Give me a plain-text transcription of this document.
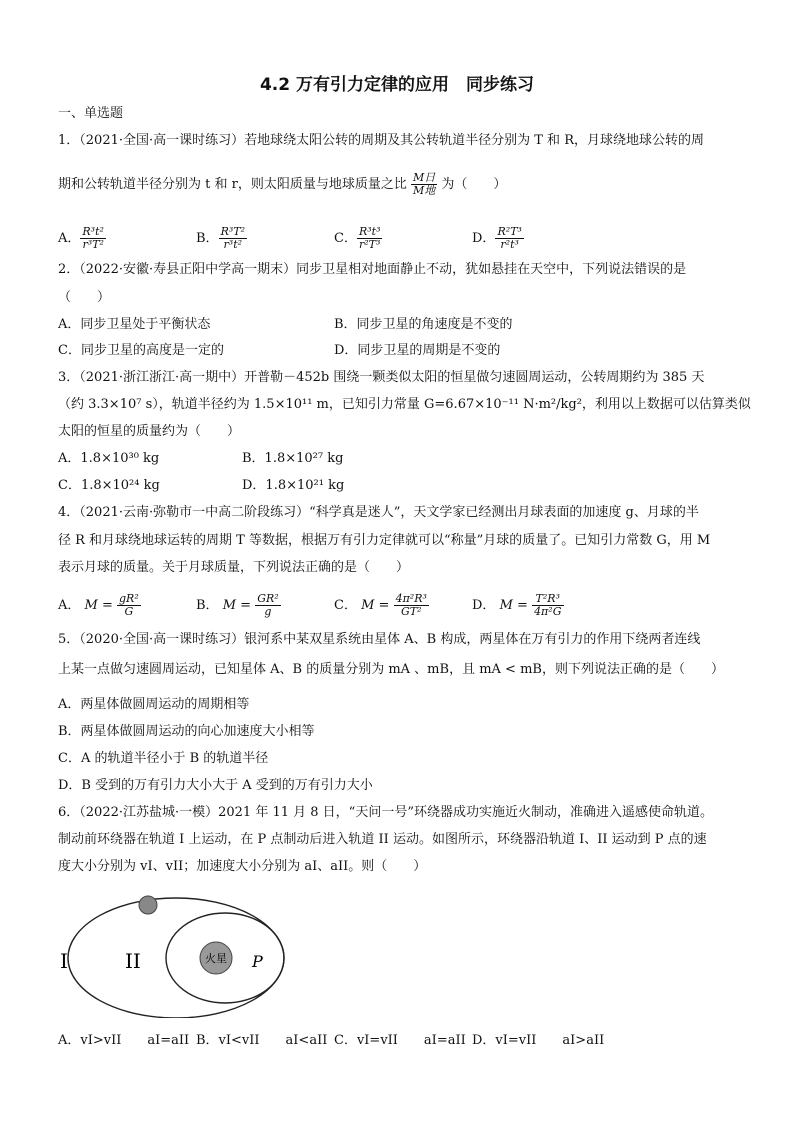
4.2 万有引力定律的应用　同步练习
一、单选题
1．（2021·全国·高一课时练习）若地球绕太阳公转的周期及其公转轨道半径分别为 T 和 R，月球绕地球公转的周
期和公转轨道半径分别为 t 和 r，则太阳质量与地球质量之比 $\frac{\text{M日}}{\text{M地}}$ 为（　　）
A． $\frac{\text{R³t²}}{\text{r³T²}}$	B． $\frac{\text{R³T²}}{\text{r³t²}}$	C． $\frac{\text{R³t³}}{\text{r²T³}}$	D． $\frac{\text{R²T³}}{\text{r²t³}}$
2．（2022·安徽·寿县正阳中学高一期末）同步卫星相对地面静止不动，犹如悬挂在天空中，下列说法错误的是
（　　）
A．同步卫星处于平衡状态	B．同步卫星的角速度是不变的
C．同步卫星的高度是一定的	D．同步卫星的周期是不变的
3．（2021·浙江浙江·高一期中）开普勒－452b 围绕一颗类似太阳的恒星做匀速圆周运动，公转周期约为 385 天
（约 3.3×10⁷ s），轨道半径约为 1.5×10¹¹ m，已知引力常量 G=6.67×10⁻¹¹ N·m²/kg²，利用以上数据可以估算类似
太阳的恒星的质量约为（　　）
A．1.8×10³⁰ kg	B．1.8×10²⁷ kg
C．1.8×10²⁴ kg	D．1.8×10²¹ kg
4．（2021·云南·弥勒市一中高二阶段练习）“科学真是迷人”，天文学家已经测出月球表面的加速度 g、月球的半
径 R 和月球绕地球运转的周期 T 等数据，根据万有引力定律就可以“称量”月球的质量了。已知引力常数 G，用 M
表示月球的质量。关于月球质量，下列说法正确的是（　　）
A． $M = \frac{\text{gR²}}{G}$	B． $M = \frac{\text{GR²}}{g}$	C． $M = \frac{\text{4π²R³}}{\text{GT²}}$	D． $M = \frac{\text{T²R³}}{\text{4π²G}}$
5．（2020·全国·高一课时练习）银河系中某双星系统由星体 A、B 构成，两星体在万有引力的作用下绕两者连线
上某一点做匀速圆周运动，已知星体 A、B 的质量分别为 mA 、mB，且 mA < mB，则下列说法正确的是（　　）
A．两星体做圆周运动的周期相等
B．两星体做圆周运动的向心加速度大小相等
C．A 的轨道半径小于 B 的轨道半径
D．B 受到的万有引力大小大于 A 受到的万有引力大小
6．（2022·江苏盐城·一模）2021 年 11 月 8 日，“天问一号”环绕器成功实施近火制动，准确进入遥感使命轨道。
制动前环绕器在轨道 I 上运动，在 P 点制动后进入轨道 II 运动。如图所示，环绕器沿轨道 I、II 运动到 P 点的速
度大小分别为 vI、vII；加速度大小分别为 aI、aII。则（　　）
I	II	火星 P
A．vI>vII　　aI=aII B．vI<vII　　aI<aII C．vI=vII　　aI=aII D．vI=vII　　aI>aII
